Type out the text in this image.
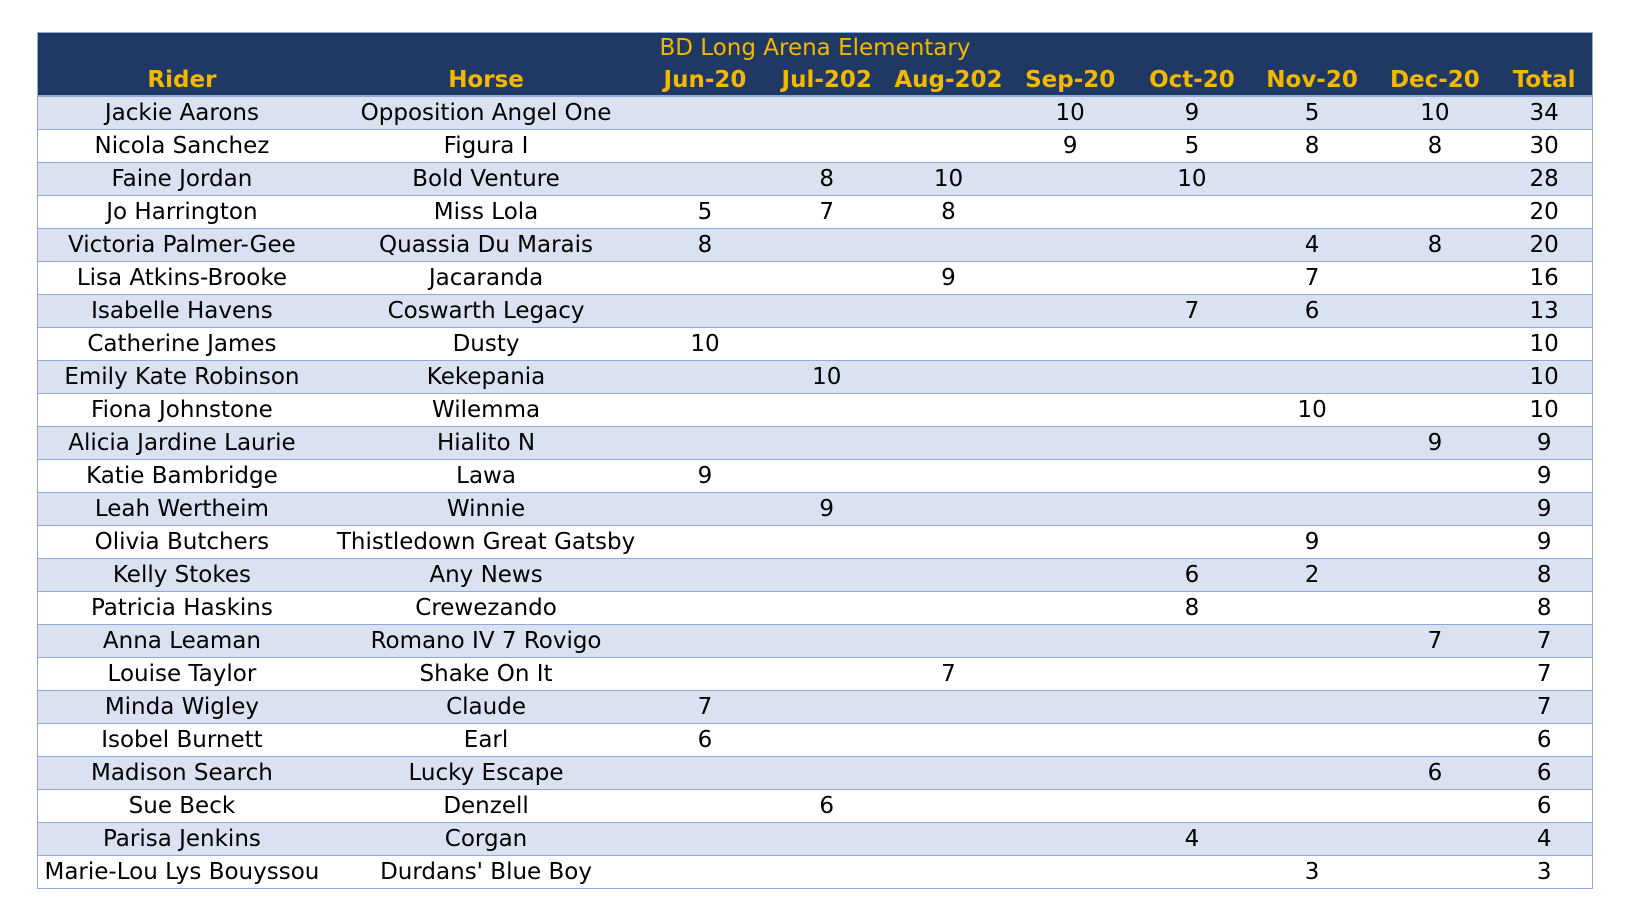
BD Long Arena Elementary
Rider	Horse	Jun-20	Jul-202	Aug-202	Sep-20	Oct-20	Nov-20	Dec-20	Total
Jackie Aarons	Opposition Angel One				10	9	5	10	34
Nicola Sanchez	Figura I				9	5	8	8	30
Faine Jordan	Bold Venture		8	10		10			28
Jo Harrington	Miss Lola	5	7	8					20
Victoria Palmer-Gee	Quassia Du Marais	8					4	8	20
Lisa Atkins-Brooke	Jacaranda			9			7		16
Isabelle Havens	Coswarth Legacy					7	6		13
Catherine James	Dusty	10							10
Emily Kate Robinson	Kekepania		10						10
Fiona Johnstone	Wilemma						10		10
Alicia Jardine Laurie	Hialito N							9	9
Katie Bambridge	Lawa	9							9
Leah Wertheim	Winnie		9						9
Olivia Butchers	Thistledown Great Gatsby						9		9
Kelly Stokes	Any News					6	2		8
Patricia Haskins	Crewezando					8			8
Anna Leaman	Romano IV 7 Rovigo							7	7
Louise Taylor	Shake On It			7					7
Minda Wigley	Claude	7							7
Isobel Burnett	Earl	6							6
Madison Search	Lucky Escape							6	6
Sue Beck	Denzell		6						6
Parisa Jenkins	Corgan					4			4
Marie-Lou Lys Bouyssou	Durdans' Blue Boy						3		3
